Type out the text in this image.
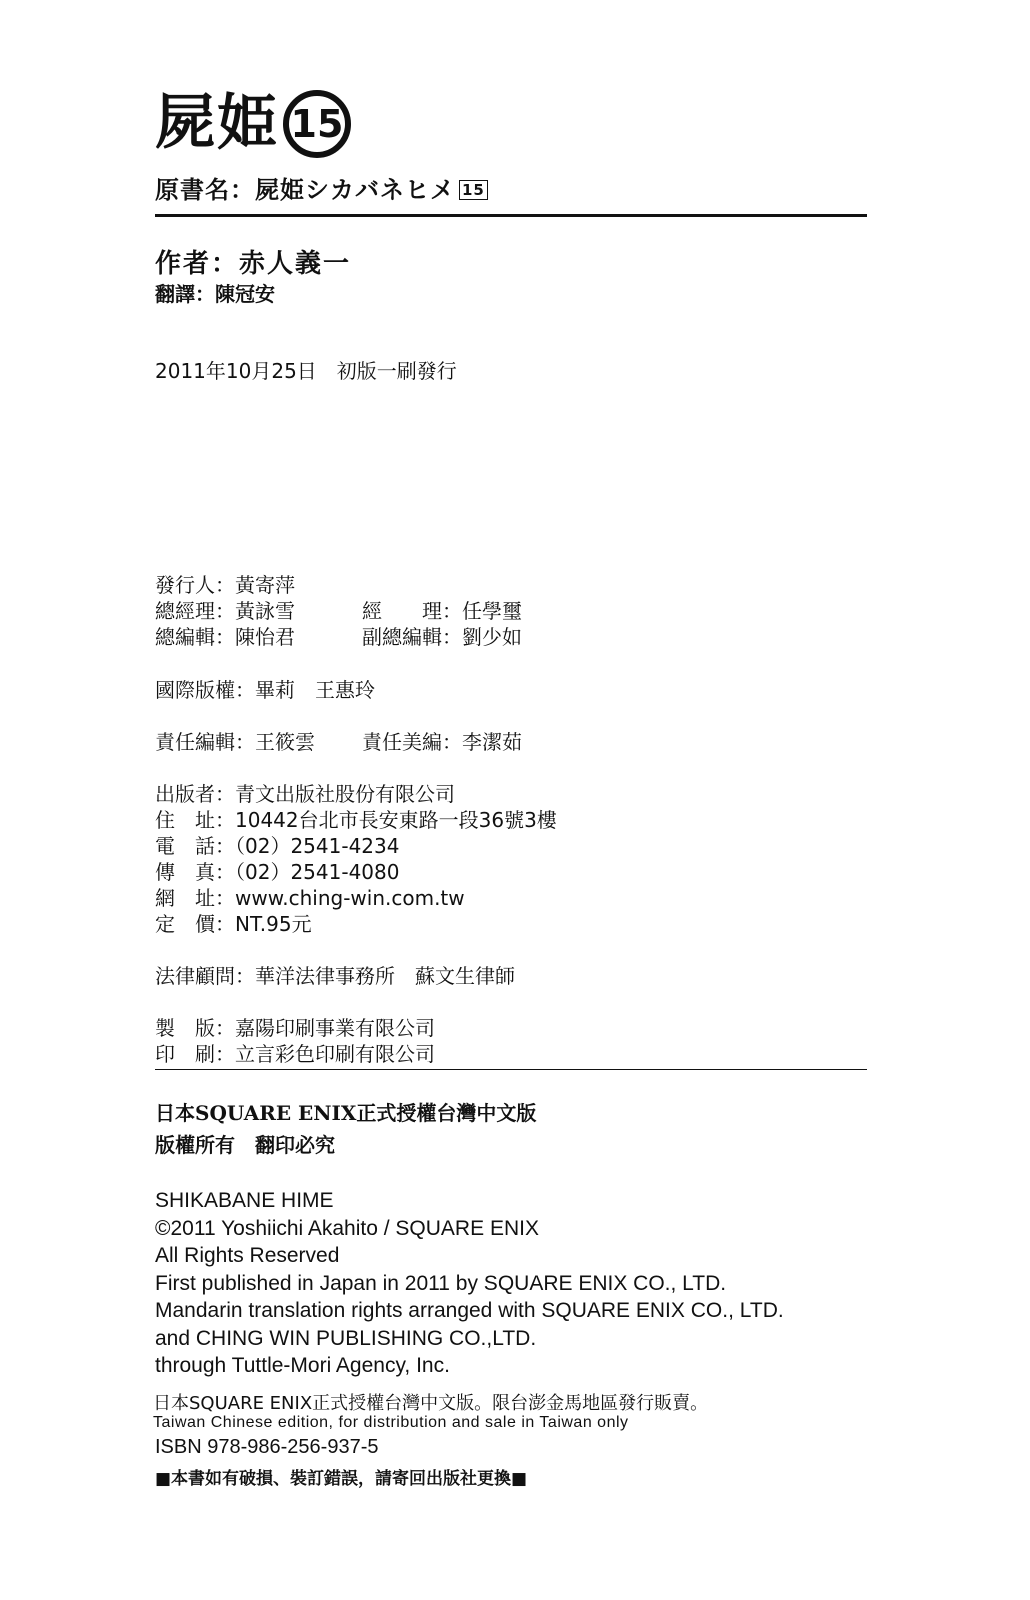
屍姫 15
原書名：屍姫シカバネヒメ 15
作者：赤人義一
翻譯：陳冠安
2011年10月25日　初版一刷發行
發行人：黃寄萍
總經理：黃詠雪	經　　理：任學璽
總編輯：陳怡君	副總編輯：劉少如
國際版權：畢莉　王惠玲
責任編輯：王筱雲 責任美編：李潔茹
出版者：青文出版社股份有限公司
住　址：10442台北市長安東路一段36號3樓
電　話：（02）2541-4234
傳　真：（02）2541-4080
網　址：www.ching-win.com.tw
定　價：NT.95元
法律顧問：華洋法律事務所　蘇文生律師
製　版：嘉陽印刷事業有限公司
印　刷：立言彩色印刷有限公司
日本SQUARE ENIX正式授權台灣中文版
版權所有　翻印必究
SHIKABANE HIME
©2011 Yoshiichi Akahito / SQUARE ENIX
All Rights Reserved
First published in Japan in 2011 by SQUARE ENIX CO., LTD.
Mandarin translation rights arranged with SQUARE ENIX CO., LTD.
and CHING WIN PUBLISHING CO.,LTD.
through Tuttle-Mori Agency, Inc.
日本SQUARE ENIX正式授權台灣中文版。限台澎金馬地區發行販賣。
Taiwan Chinese edition, for distribution and sale in Taiwan only
ISBN 978-986-256-937-5
■本書如有破損、裝訂錯誤，請寄回出版社更換■
